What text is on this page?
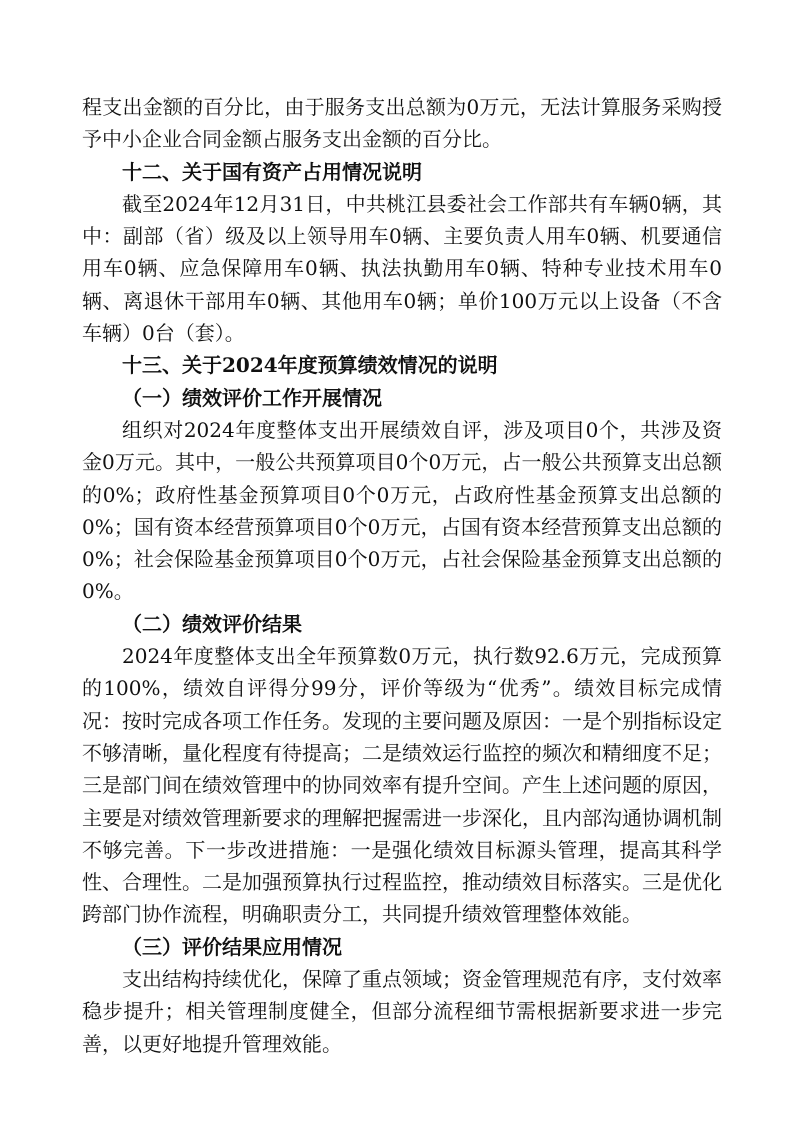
程支出金额的百分比，由于服务支出总额为0万元，无法计算服务采购授予中小企业合同金额占服务支出金额的百分比。

十二、关于国有资产占用情况说明

截至2024年12月31日，中共桃江县委社会工作部共有车辆0辆，其中：副部（省）级及以上领导用车0辆、主要负责人用车0辆、机要通信用车0辆、应急保障用车0辆、执法执勤用车0辆、特种专业技术用车0辆、离退休干部用车0辆、其他用车0辆；单价100万元以上设备（不含车辆）0台（套）。

十三、关于2024年度预算绩效情况的说明

（一）绩效评价工作开展情况

组织对2024年度整体支出开展绩效自评，涉及项目0个，共涉及资金0万元。其中，一般公共预算项目0个0万元，占一般公共预算支出总额的0%；政府性基金预算项目0个0万元，占政府性基金预算支出总额的0%；国有资本经营预算项目0个0万元，占国有资本经营预算支出总额的0%；社会保险基金预算项目0个0万元，占社会保险基金预算支出总额的0%。

（二）绩效评价结果

2024年度整体支出全年预算数0万元，执行数92.6万元，完成预算的100%，绩效自评得分99分，评价等级为“优秀”。绩效目标完成情况：按时完成各项工作任务。发现的主要问题及原因：一是个别指标设定不够清晰，量化程度有待提高；二是绩效运行监控的频次和精细度不足；三是部门间在绩效管理中的协同效率有提升空间。产生上述问题的原因，主要是对绩效管理新要求的理解把握需进一步深化，且内部沟通协调机制不够完善。下一步改进措施：一是强化绩效目标源头管理，提高其科学性、合理性。二是加强预算执行过程监控，推动绩效目标落实。三是优化跨部门协作流程，明确职责分工，共同提升绩效管理整体效能。

（三）评价结果应用情况

支出结构持续优化，保障了重点领域；资金管理规范有序，支付效率稳步提升；相关管理制度健全，但部分流程细节需根据新要求进一步完善，以更好地提升管理效能。
